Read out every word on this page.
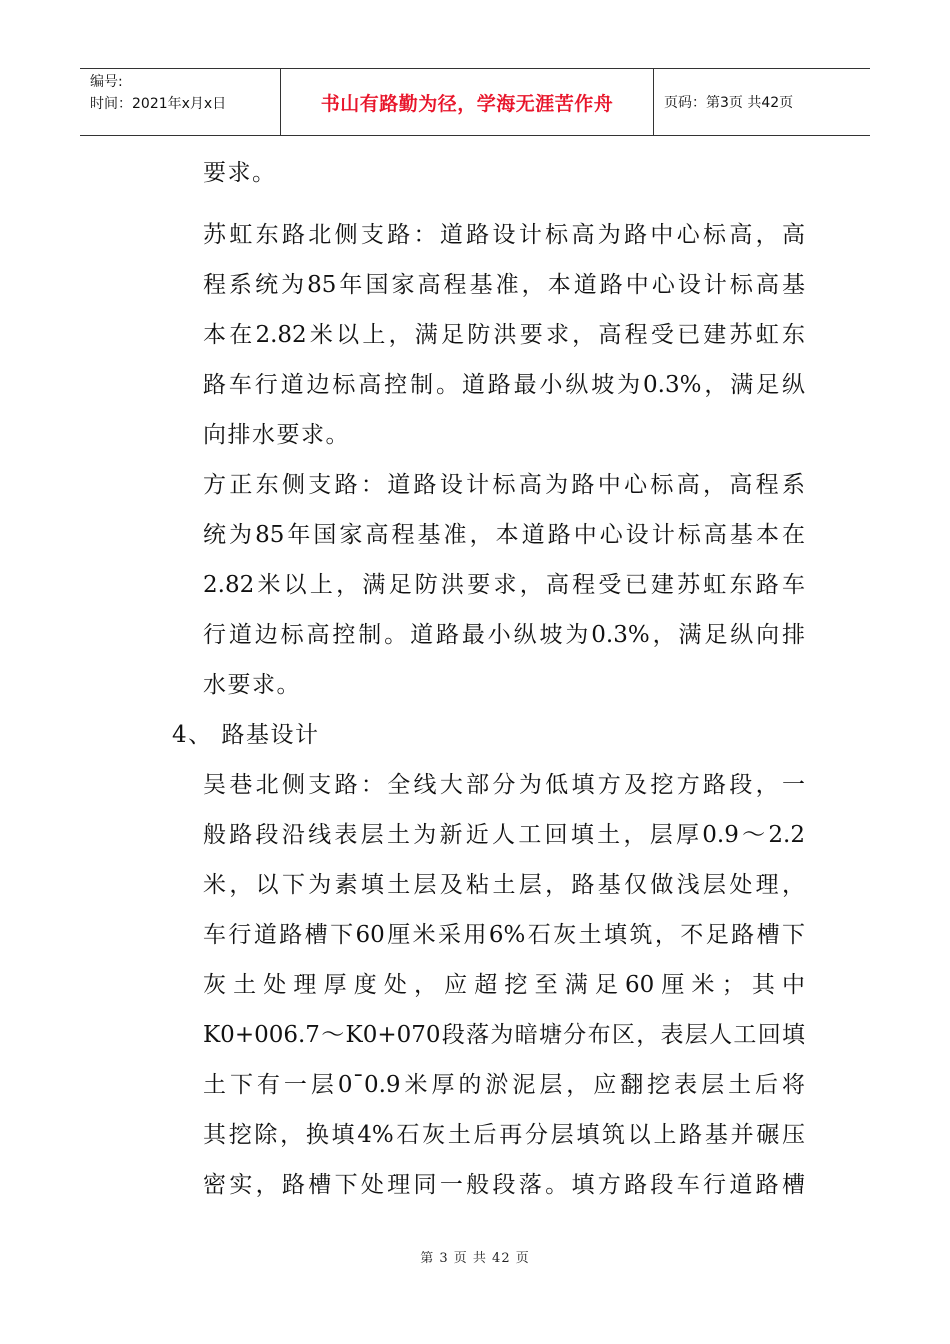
编号:
时间：2021年x月x日	书山有路勤为径，学海无涯苦作舟	页码：第3页 共42页
要求。
苏虹东路北侧支路：道路设计标高为路中心标高，高
程系统为85年国家高程基准，本道路中心设计标高基
本在2.82米以上，满足防洪要求，高程受已建苏虹东
路车行道边标高控制。道路最小纵坡为0.3%，满足纵
向排水要求。
方正东侧支路：道路设计标高为路中心标高，高程系
统为85年国家高程基准，本道路中心设计标高基本在
2.82米以上，满足防洪要求，高程受已建苏虹东路车
行道边标高控制。道路最小纵坡为0.3%，满足纵向排
水要求。
4、 路基设计
吴巷北侧支路：全线大部分为低填方及挖方路段，一
般路段沿线表层土为新近人工回填土，层厚0.9～2.2
米，以下为素填土层及粘土层，路基仅做浅层处理，
车行道路槽下60厘米采用6%石灰土填筑，不足路槽下
灰土处理厚度处，应超挖至满足60厘米；其中
K0+006.7～K0+070段落为暗塘分布区，表层人工回填
土下有一层0¯0.9米厚的淤泥层，应翻挖表层土后将
其挖除，换填4%石灰土后再分层填筑以上路基并碾压
密实，路槽下处理同一般段落。填方路段车行道路槽
第 3 页 共 42 页
